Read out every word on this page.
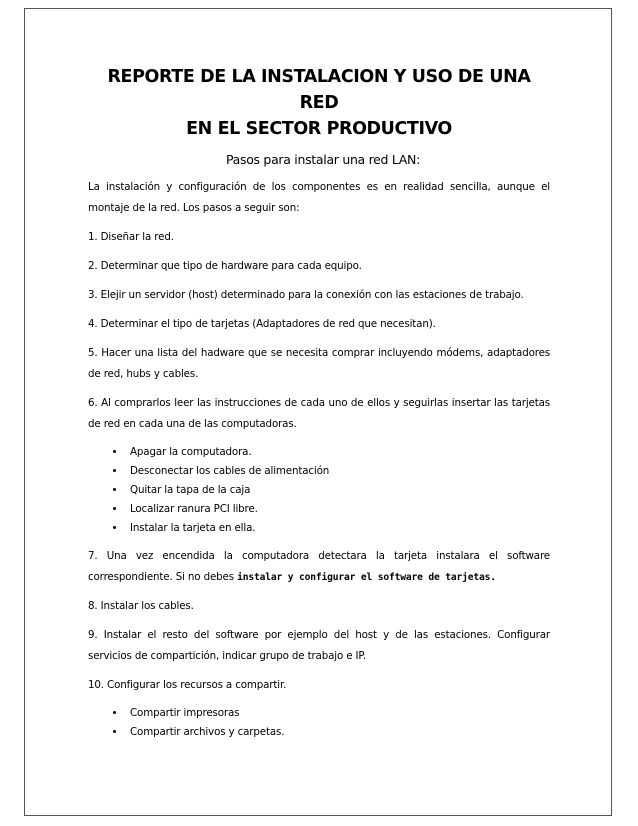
REPORTE DE LA INSTALACION Y USO DE UNA RED
EN EL SECTOR PRODUCTIVO
Pasos para instalar una red LAN:

La instalación y configuración de los componentes es en realidad sencilla, aunque el montaje de la red. Los pasos a seguir son:

1. Diseñar la red.

2. Determinar que tipo de hardware para cada equipo.

3. Elejir un servidor (host) determinado para la conexión con las estaciones de trabajo.

4. Determinar el tipo de tarjetas (Adaptadores de red que necesitan).

5. Hacer una lista del hadware que se necesita comprar incluyendo módems, adaptadores de red, hubs y cables.

6. Al comprarlos leer las instrucciones de cada uno de ellos y seguirlas insertar las tarjetas de red en cada una de las computadoras.

• Apagar la computadora.
• Desconectar los cables de alimentación
• Quitar la tapa de la caja
• Localizar ranura PCI libre.
• Instalar la tarjeta en ella.

7. Una vez encendida la computadora detectara la tarjeta instalara el software correspondiente. Si no debes instalar y configurar el software de tarjetas.

8. Instalar los cables.

9. Instalar el resto del software por ejemplo del host y de las estaciones. Configurar servicios de compartición, indicar grupo de trabajo e IP.

10. Configurar los recursos a compartir.

• Compartir impresoras
• Compartir archivos y carpetas.
